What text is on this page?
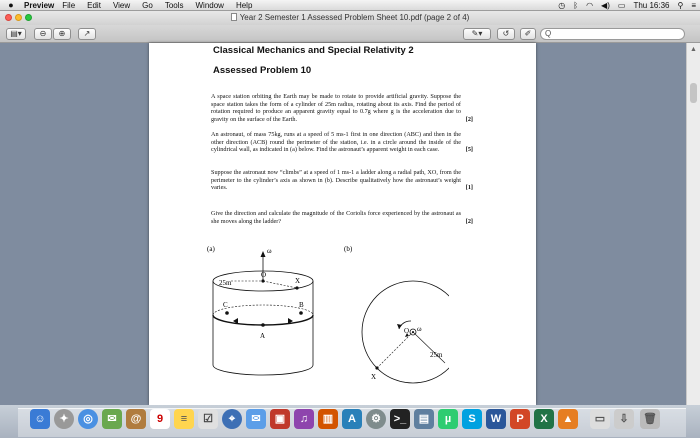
●	Preview File Edit View Go Tools Window Help	◷ ᛒ ◠ ◀) ▭ Thu 16:36 ⚲ ≡
Year 2 Semester 1 Assessed Problem Sheet 10.pdf (page 2 of 4)
▤▾	⊖	⊕	↗	✎▾	↺	✐	Q
Classical Mechanics and Special Relativity 2
Assessed Problem 10
A space station orbiting the Earth may be made to rotate to provide artificial gravity. Suppose the space station takes the form of a cylinder of 25m radius, rotating about its axis. Find the period of rotation required to produce an apparent gravity equal to 0.7g where g is the acceleration due to gravity on the surface of the Earth.	[2]
An astronaut, of mass 75kg, runs at a speed of 5 ms-1 first in one direction (ABC) and then in the other direction (ACB) round the perimeter of the station, i.e. in a circle around the inside of the cylindrical wall, as indicated in (a) below. Find the astronaut’s apparent weight in each case.	[5]
Suppose the astronaut now “climbs” at a speed of 1 ms-1 a ladder along a radial path, XO, from the perimeter to the cylinder’s axis as shown in (b). Describe qualitatively how the astronaut’s weight varies.	[1]
Give the direction and calculate the magnitude of the Coriolis force experienced by the astronaut as she moves along the ladder?	[2]
(a)	ω
25m
O
X
C	B
A
(b)
O ω
25m
X
▲
☺	✦	◎	✉	@	9	≡	☑	⌖	✉	▣	♫	▥	A	⚙	>_	▤	µ	S	W	P	X	▲	▭	⇩	🗑
